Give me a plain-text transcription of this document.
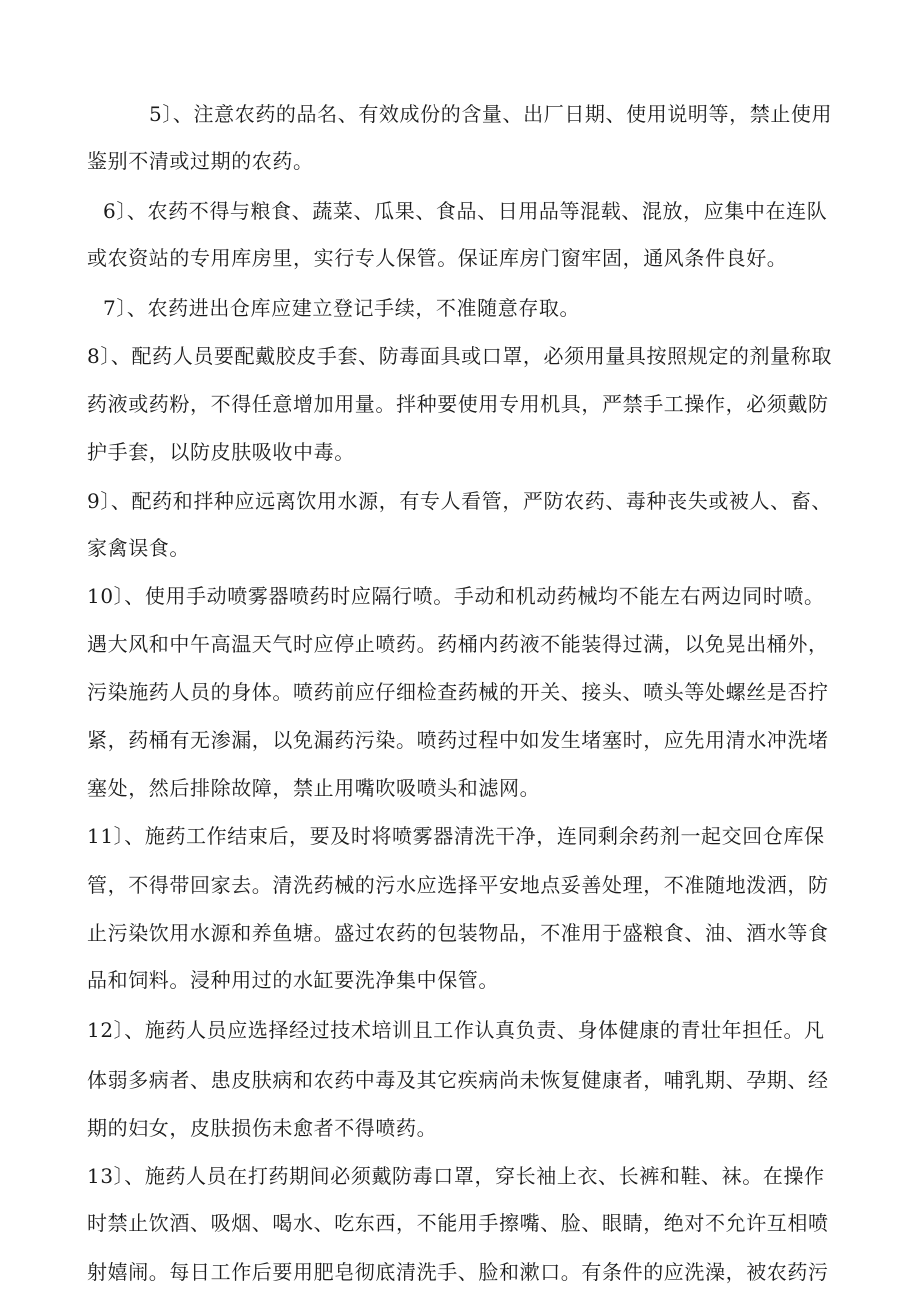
5〕、注意农药的品名、有效成份的含量、出厂日期、使用说明等，禁止使用
鉴别不清或过期的农药。
6〕、农药不得与粮食、蔬菜、瓜果、食品、日用品等混载、混放，应集中在连队
或农资站的专用库房里，实行专人保管。保证库房门窗牢固，通风条件良好。
7〕、农药进出仓库应建立登记手续，不准随意存取。
8〕、配药人员要配戴胶皮手套、防毒面具或口罩，必须用量具按照规定的剂量称取
药液或药粉，不得任意增加用量。拌种要使用专用机具，严禁手工操作，必须戴防
护手套，以防皮肤吸收中毒。
9〕、配药和拌种应远离饮用水源，有专人看管，严防农药、毒种丧失或被人、畜、
家禽误食。
10〕、使用手动喷雾器喷药时应隔行喷。手动和机动药械均不能左右两边同时喷。
遇大风和中午高温天气时应停止喷药。药桶内药液不能装得过满，以免晃出桶外，
污染施药人员的身体。喷药前应仔细检查药械的开关、接头、喷头等处螺丝是否拧
紧，药桶有无渗漏，以免漏药污染。喷药过程中如发生堵塞时，应先用清水冲洗堵
塞处，然后排除故障，禁止用嘴吹吸喷头和滤网。
11〕、施药工作结束后，要及时将喷雾器清洗干净，连同剩余药剂一起交回仓库保
管，不得带回家去。清洗药械的污水应选择平安地点妥善处理，不准随地泼洒，防
止污染饮用水源和养鱼塘。盛过农药的包装物品，不准用于盛粮食、油、酒水等食
品和饲料。浸种用过的水缸要洗净集中保管。
12〕、施药人员应选择经过技术培训且工作认真负责、身体健康的青壮年担任。凡
体弱多病者、患皮肤病和农药中毒及其它疾病尚未恢复健康者，哺乳期、孕期、经
期的妇女，皮肤损伤未愈者不得喷药。
13〕、施药人员在打药期间必须戴防毒口罩，穿长袖上衣、长裤和鞋、袜。在操作
时禁止饮酒、吸烟、喝水、吃东西，不能用手擦嘴、脸、眼睛，绝对不允许互相喷
射嬉闹。每日工作后要用肥皂彻底清洗手、脸和漱口。有条件的应洗澡，被农药污
